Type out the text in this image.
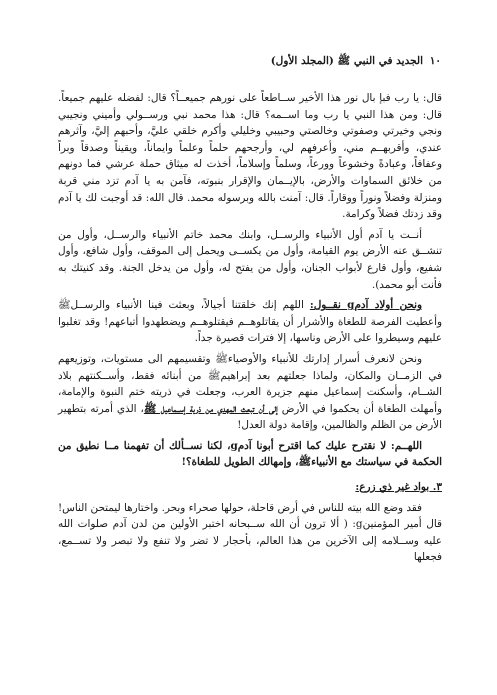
١٠
الجديد في النبي ﷺ (المجلد الأول)

قال: يا رب فبإ بال نور هذا الأخير ســاطعاً على نورهم جميعــاً؟ قال: لفضله عليهم جميعاً. قال: ومن هذا النبي يا رب وما اســمه؟ قال: هذا محمد نبي ورســولي وأميني ونجيبي ونجي وخيرتي وصفوتي وخالصتي وحبيبي وخليلي وأكرم خلقي عليَّ، وأحبهم إليَّ، وآثرهم عندي، وأقربهــم مني، وأعرفهم لي، وأرجحهم حلماً وعلماً وايماناً، ويقيناً وصدقاً وبراً وعفافاً، وعبادةً وخشوعاً وورعاً، وسلماً وإسلاماً، أخذت له ميثاق حملة عرشي فما دونهم من خلائق السماوات والأرض، بالإيــمان والإقرار بنبوته، فآمن به يا آدم تزد مني قربة ومنزلة وفضلاً ونوراً ووقاراً. قال: آمنت بالله وبرسوله محمد. قال الله: قد أوجبت لك يا آدم وقد زدتك فضلاً وكرامة.

أنــت يا آدم أول الأنبياء والرســل، وابنك محمد خاتم الأنبياء والرســل، وأول من تنشــق عنه الأرض يوم القيامة، وأول من يكســى ويحمل إلى الموقف، وأول شافع، وأول شفيع، وأول قارع لأبواب الجنان، وأول من يفتح له، وأول من يدخل الجنة. وقد كنيتك به فأنت أبو محمد).

ونحن أولاد آدمg نقــول: اللهم إنك خلقتنا أجيالاً، وبعثت فينا الأنبياء والرســلﷺ وأعطيت الفرصة للطغاة والأشرار أن يقاتلوهــم فيقتلوهــم ويضطهدوا أتباعهم! وقد تغلبوا عليهم وسيطروا على الأرض وناسها، إلا فترات قصيرة جداً.

ونحن لانعرف أسرار إدارتك للأنبياء والأوصياءﷺ وتقسيمهم الى مستويات، وتوزيعهم في الزمــان والمكان، ولماذا جعلتهم بعد إبراهيمﷺ من أبنائه فقط، وأســكنتهم بلاد الشــام، وأسكنت إسماعيل منهم جزيرة العرب، وجعلت في ذريته ختم النبوة والإمامة، وأمهلت الطغاة أن يحكموا في الأرض إلى أن تبعث المهدي من ذرية إســماعيل ﷺ، الذي أمرته بتطهير الأرض من الظلم والظالمين، وإقامة دولة العدل!

اللهــم: لا نقترح عليك كما اقترح أبونا آدمg، لكنا نســألك أن تفهمنا مــا نطيق من الحكمة في سياستك مع الأنبياءﷺ، وإمهالك الطويل للطغاة؟!

٣. بواد غير ذي زرع:

فقد وضع الله بيته للناس في أرض قاحلة، حولها صحراء وبحر. واختارها ليمتحن الناس! قال أمير المؤمنينg: ( ألا ترون أن الله ســبحانه اختبر الأولين من لدن آدم صلوات الله عليه وســلامه إلى الآخرين من هذا العالم، بأحجار لا تضر ولا تنفع ولا تبصر ولا تســمع، فجعلها
